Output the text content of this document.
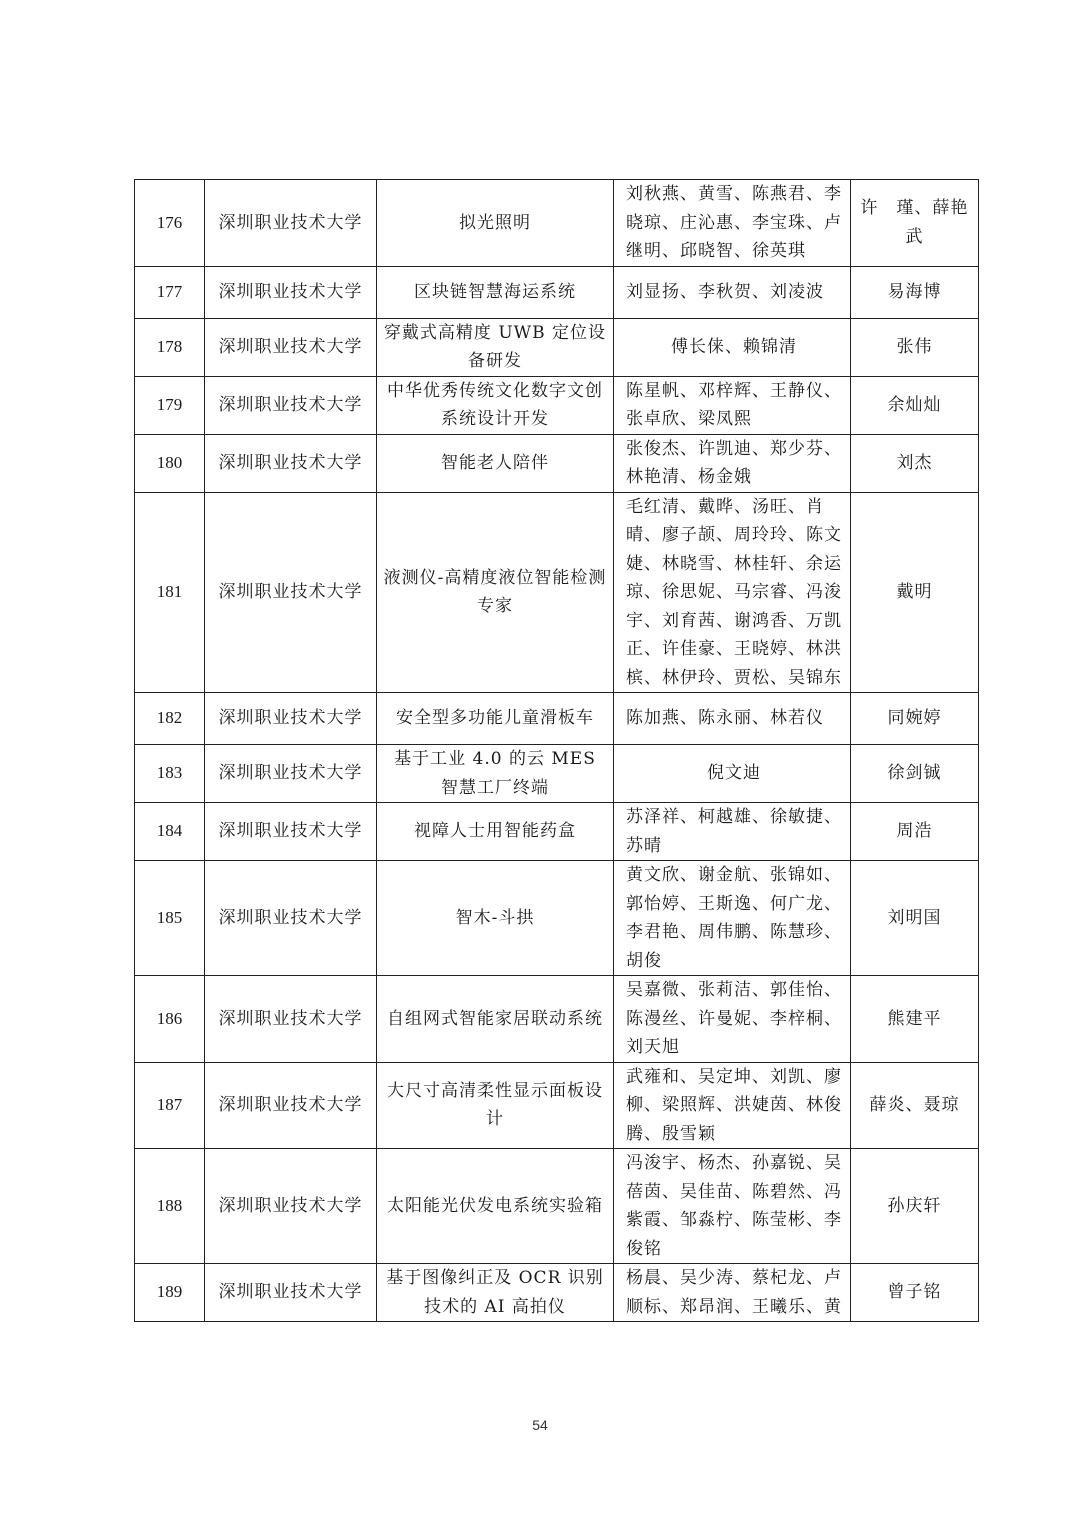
176	深圳职业技术大学	拟光照明	刘秋燕、黄雪、陈燕君、李晓琼、庄沁惠、李宝珠、卢继明、邱晓智、徐英琪	许　瑾、薛艳武
177	深圳职业技术大学	区块链智慧海运系统	刘显扬、李秋贺、刘凌波	易海博
178	深圳职业技术大学	穿戴式高精度 UWB 定位设备研发	傅长俫、赖锦清	张伟
179	深圳职业技术大学	中华优秀传统文化数字文创系统设计开发	陈星帆、邓梓辉、王静仪、张卓欣、梁凤熙	余灿灿
180	深圳职业技术大学	智能老人陪伴	张俊杰、许凯迪、郑少芬、林艳清、杨金娥	刘杰
181	深圳职业技术大学	液测仪-高精度液位智能检测专家	毛红清、戴晔、汤旺、肖晴、廖子颉、周玲玲、陈文婕、林晓雪、林桂轩、余运琼、徐思妮、马宗睿、冯浚宇、刘育茜、谢鸿香、万凯正、许佳豪、王晓婷、林洪槟、林伊玲、贾松、吴锦东	戴明
182	深圳职业技术大学	安全型多功能儿童滑板车	陈加燕、陈永丽、林若仪	同婉婷
183	深圳职业技术大学	基于工业 4.0 的云 MES 智慧工厂终端	倪文迪	徐剑铖
184	深圳职业技术大学	视障人士用智能药盒	苏泽祥、柯越雄、徐敏捷、苏晴	周浩
185	深圳职业技术大学	智木-斗拱	黄文欣、谢金航、张锦如、郭怡婷、王斯逸、何广龙、李君艳、周伟鹏、陈慧珍、胡俊	刘明国
186	深圳职业技术大学	自组网式智能家居联动系统	吴嘉微、张莉洁、郭佳怡、陈漫丝、许曼妮、李梓桐、刘天旭	熊建平
187	深圳职业技术大学	大尺寸高清柔性显示面板设计	武雍和、吴定坤、刘凯、廖柳、梁照辉、洪婕茵、林俊腾、殷雪颖	薛炎、聂琼
188	深圳职业技术大学	太阳能光伏发电系统实验箱	冯浚宇、杨杰、孙嘉锐、吴蓓茵、吴佳苗、陈碧然、冯紫霞、邹淼柠、陈莹彬、李俊铭	孙庆轩
189	深圳职业技术大学	基于图像纠正及 OCR 识别技术的 AI 高拍仪	杨晨、吴少涛、蔡杞龙、卢顺标、郑昂润、王曦乐、黄	曾子铭
54
